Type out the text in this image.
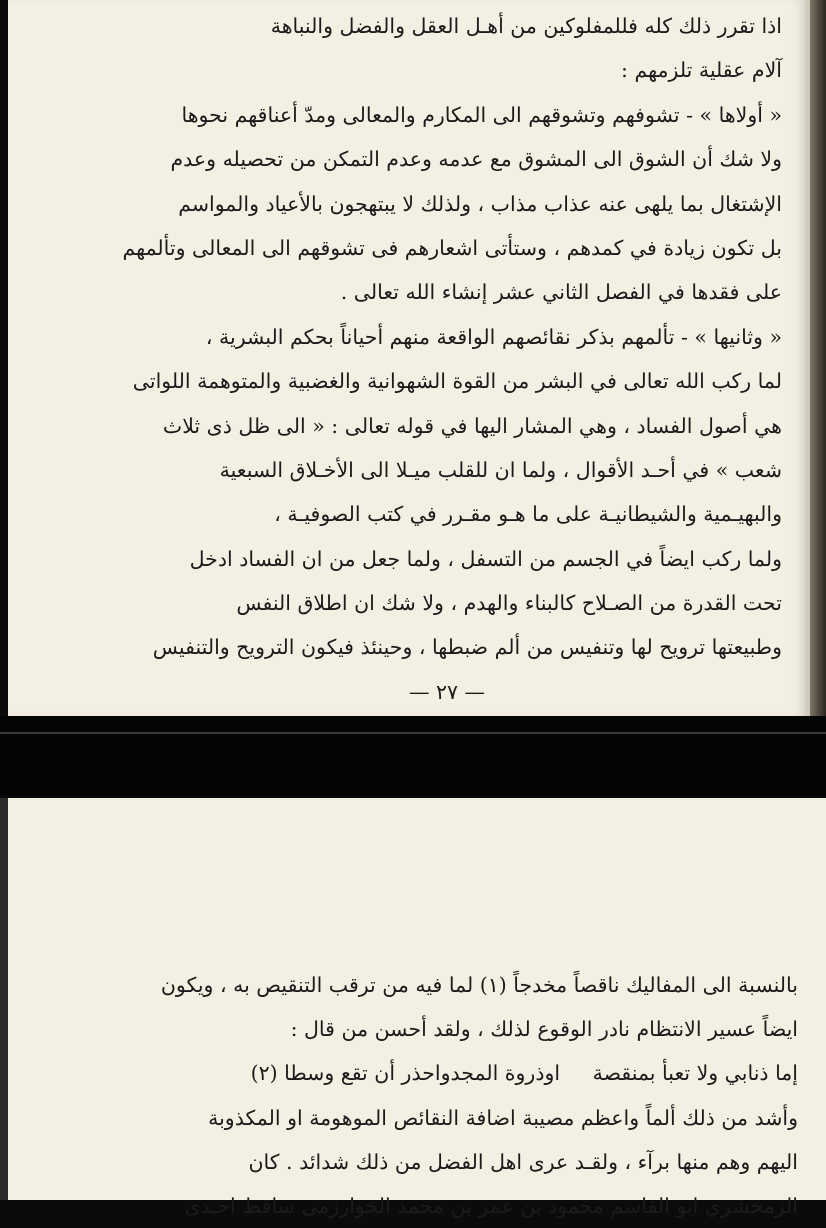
اذا تقرر ذلك كله فللمفلوكين من أهـل العقل والفضل والنباهة
آلام عقلية تلزمهم :
« أولاها » - تشوفهم وتشوقهم الى المكارم والمعالى ومدّ أعناقهم نحوها
ولا شك أن الشوق الى المشوق مع عدمه وعدم التمكن من تحصيله وعدم
الإشتغال بما يلهى عنه عذاب مذاب ، ولذلك لا يبتهجون بالأعياد والمواسم
بل تكون زيادة في كمدهم ، وستأتى اشعارهم فى تشوقهم الى المعالى وتألمهم
على فقدها في الفصل الثاني عشر إنشاء الله تعالى .
« وثانيها » - تألمهم بذكر نقائصهم الواقعة منهم أحياناً بحكم البشرية ،
لما ركب الله تعالى في البشر من القوة الشهوانية والغضبية والمتوهمة اللواتى
هي أصول الفساد ، وهي المشار اليها في قوله تعالى : « الى ظل ذى ثلاث
شعب » في أحـد الأقوال ، ولما ان للقلب ميـلا الى الأخـلاق السبعية
والبهيـمية والشيطانيـة على ما هـو مقـرر في كتب الصوفيـة ،
ولما ركب ايضاً في الجسم من التسفل ، ولما جعل من ان الفساد ادخل
تحت القدرة من الصـلاح كالبناء والهدم ، ولا شك ان اطلاق النفس
وطبيعتها ترويح لها وتنفيس من ألم ضبطها ، وحينئذ فيكون الترويح والتنفيس
— ٢٧ —
بالنسبة الى المفاليك ناقصاً مخدجاً (١) لما فيه من ترقب التنقيص به ، ويكون
ايضاً عسير الانتظام نادر الوقوع لذلك ، ولقد أحسن من قال :
إما ذنابي ولا تعبأ بمنقصة     اوذروة المجدواحذر أن تقع وسطا (٢)
وأشد من ذلك ألماً واعظم مصيبة اضافة النقائص الموهومة او المكذوبة
اليهم وهم منها برآء ، ولقـد عرى اهل الفضل من ذلك شدائد . كان
الزمخشري ابو القاسم محمود بن عمر بن محمد الخوارزمى ساقط احـدى
